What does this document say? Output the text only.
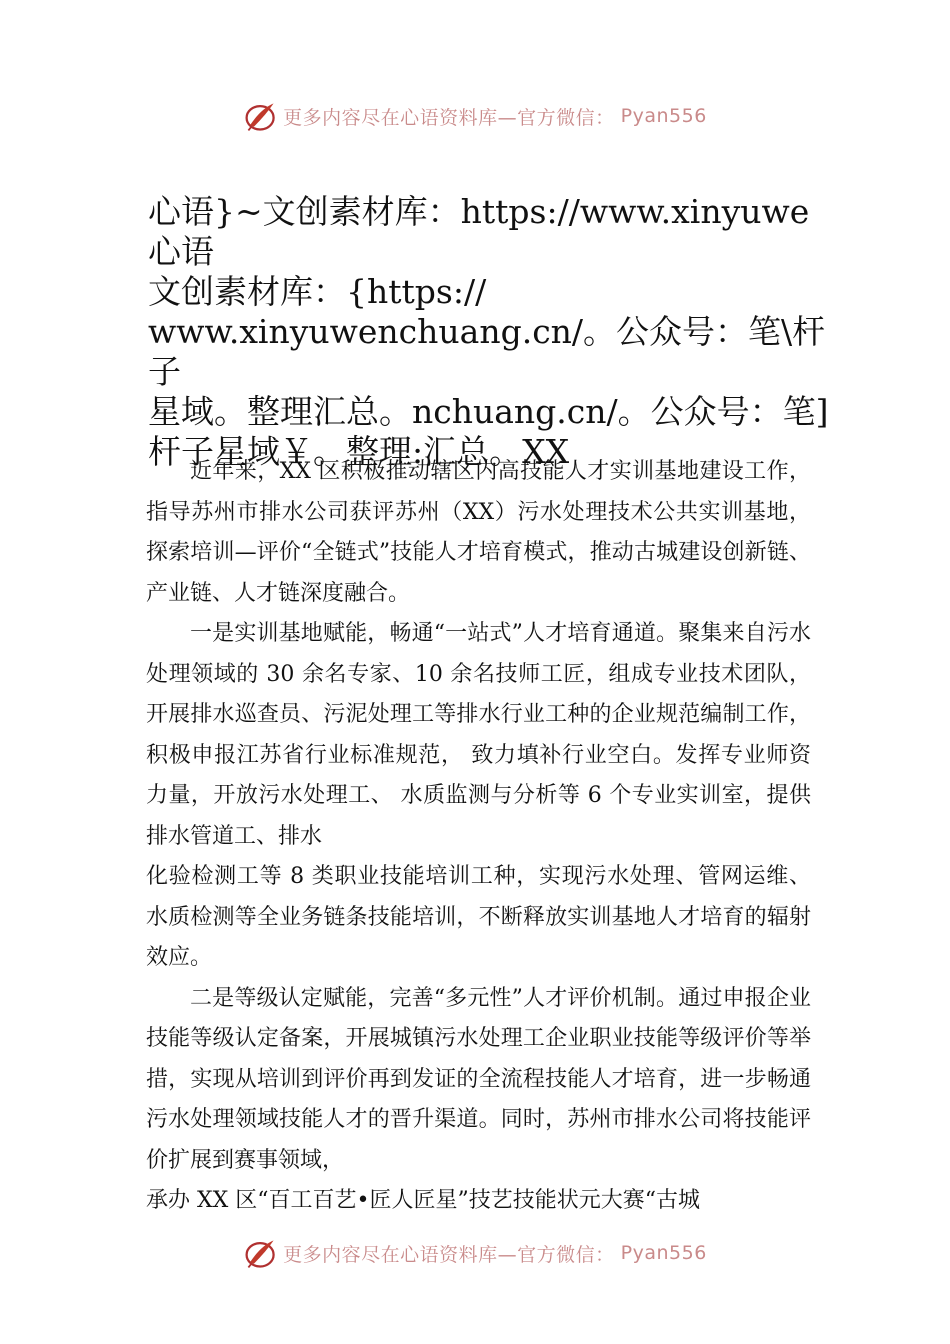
更多内容尽在心语资料库—官方微信： Pyan556
心语}~文创素材库：https://www.xinyuwe 心语
文创素材库：{https://
www.xinyuwenchuang.cn/。公众号：笔\杆子
星域。整理汇总。nchuang.cn/。公众号：笔]
杆子星域￥。整理:汇总。XX

近年来，XX 区积极推动辖区内高技能人才实训基地建设工作，指导苏州市排水公司获评苏州（XX）污水处理技术公共实训基地，探索培训—评价“全链式”技能人才培育模式，推动古城建设创新链、产业链、人才链深度融合。

一是实训基地赋能，畅通“一站式”人才培育通道。聚集来自污水处理领域的 30 余名专家、10 余名技师工匠，组成专业技术团队，开展排水巡查员、污泥处理工等排水行业工种的企业规范编制工作，积极申报江苏省行业标准规范， 致力填补行业空白。发挥专业师资力量，开放污水处理工、 水质监测与分析等 6 个专业实训室，提供排水管道工、排水

化验检测工等 8 类职业技能培训工种，实现污水处理、管网运维、水质检测等全业务链条技能培训，不断释放实训基地人才培育的辐射效应。

二是等级认定赋能，完善“多元性”人才评价机制。通过申报企业技能等级认定备案，开展城镇污水处理工企业职业技能等级评价等举措，实现从培训到评价再到发证的全流程技能人才培育，进一步畅通污水处理领域技能人才的晋升渠道。同时，苏州市排水公司将技能评价扩展到赛事领域，

承办 XX 区“百工百艺•匠人匠星”技艺技能状元大赛“古城

更多内容尽在心语资料库—官方微信： Pyan556
